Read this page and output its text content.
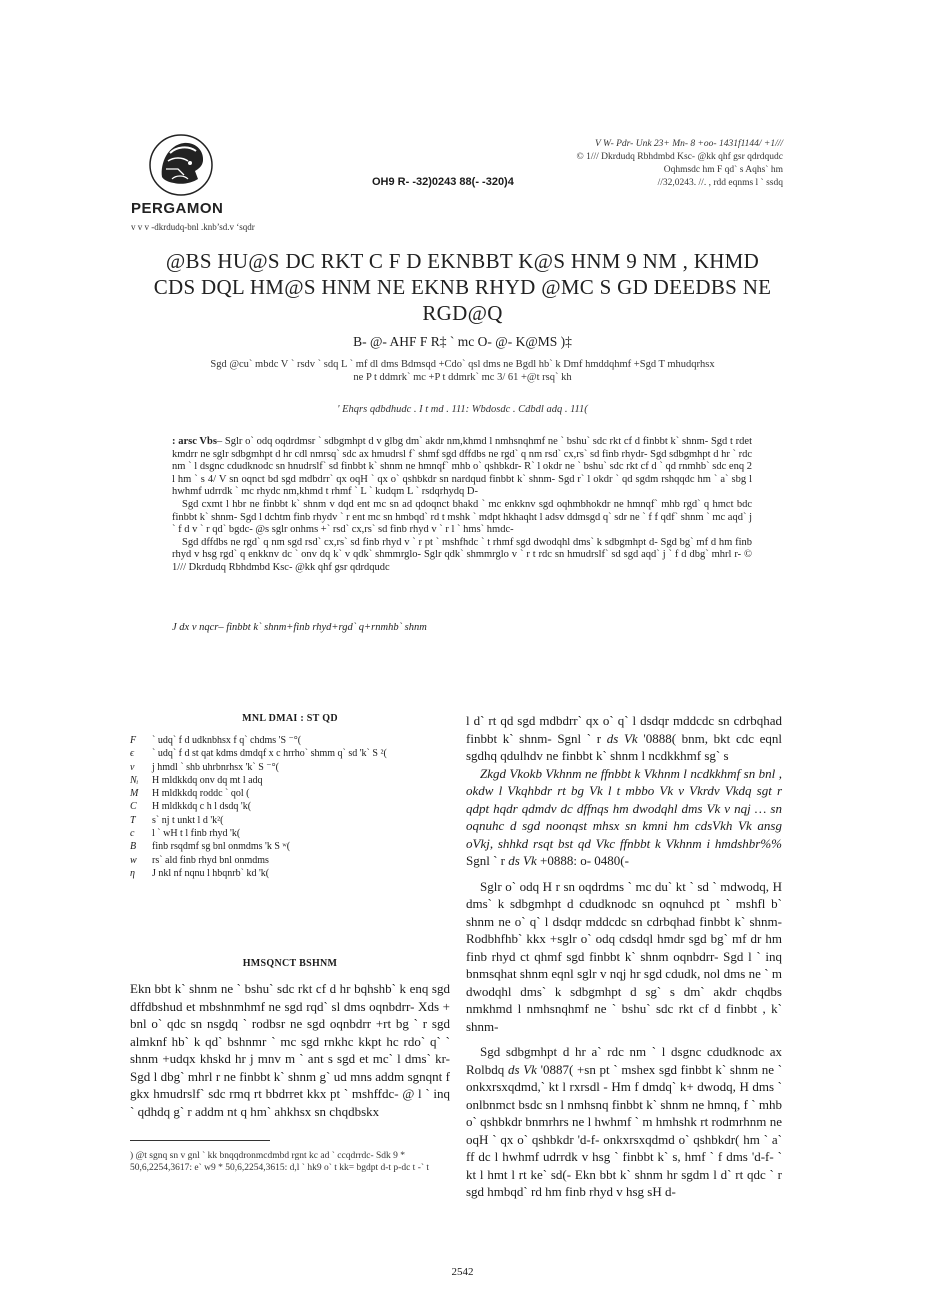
PERGAMON
v v v -dkrdudq-bnl .knb’sd.v ‘sqdr
OH9 R- -32)0243 88(- -320)4
V W- Pdr- Unk 23+ Mn- 8 +oo- 1431f1144/ +1///
© 1/// Dkrdudq Rbhdmbd Ksc- @kk qhf gsr qdrdqudc
Oqhmsdc hm F qd` s Aqhs` hm
//32,0243. //. , rdd eqnms l ` ssdq
@BS HU@S DC RKT C F D EKNBBT K@S HNM 9 NM , KHMD
CDS DQL HM@S HNM NE EKNB RHYD @MC S GD DEEDBS NE
RGD@Q
B- @- AHF F R‡ ` mc O- @- K@MS )‡
Sgd @cu` mbdc V ` rsdv ` sdq L ` mf dl dms Bdmsqd +Cdo` qsl dms ne Bgdl hb` k Dmf hmddqhmf +Sgd T mhudqrhsx
ne P t ddmrk` mc +P t ddmrk` mc 3/ 61 +@t rsq` kh
' Ehqrs qdbdhudc . I t md . 111: Wbdosdc . Cdbdl adq . 111(

: arsc Vbs– Sglr o` odq oqdrdmsr ` sdbgmhpt d v glbg dm` akdr nm,khmd l nmhsnqhmf ne ` bshu` sdc rkt cf d finbbt k` shnm- Sgd t rdet kmdrr ne sglr sdbgmhpt d hr cdl nmrsq` sdc ax hmudrsl f` shmf sgd dffdbs ne rgd` q nm rsd` cx,rs` sd finb rhydr- Sgd sdbgmhpt d hr ` rdc nm ` l dsgnc cdudknodc sn hnudrslf` sd finbbt k` shnm ne hmnqf` mhb o` qshbkdr- R` l okdr ne ` bshu` sdc rkt cf d ` qd rnmhb` sdc enq 2 l hm ` s 4/ V sn oqnct bd sgd mdbdrr` qx oqH ` qx o` qshbkdr sn nardqud finbbt k` shnm- Sgd r` l okdr ` qd sgdm rshqqdc hm ` a` sbg l hwhmf udrrdk ` mc rhydc nm,khmd t rhmf ` L ` kudqm L ` rsdqrhydq D-

Sgd cxmt l hbr ne finbbt k` shnm v dqd ent mc sn ad qdoqnct bhakd ` mc enkknv sgd oqhmbhokdr ne hmnqf` mhb rgd` q hmct bdc finbbt k` shnm- Sgd l dchtm finb rhydv ` r ent mc sn hmbqd` rd t mshk ` mdpt hkhaqht l adsv ddmsgd q` sdr ne ` f f qdf` shnm ` mc aqd` j ` f d v ` r qd` bgdc- @s sglr onhms +` rsd` cx,rs` sd finb rhyd v ` r l ` hms` hmdc-

Sgd dffdbs ne rgd` q nm sgd rsd` cx,rs` sd finb rhyd v ` r pt ` mshfhdc ` t rhmf sgd dwodqhl dms` k sdbgmhpt d- Sgd bg` mf d hm finb rhyd v hsg rgd` q enkknv dc ` onv dq k` v qdk` shmmrglo- Sglr qdk` shmmrglo v ` r t rdc sn hmudrslf` sd sgd aqd` j ` f d dbg` mhrl r- © 1/// Dkrdudq Rbhdmbd Ksc- @kk qhf gsr qdrdqudc

J dx v nqcr– finbbt k` shnm+finb rhyd+rgd` q+rnmhb` shnm
MNL DMAI : ST QD
F	` udq` f d udknbhsx f q` chdms 'S ⁻°(
ϵ	` udq` f d st qat kdms dmdqf x c hrrho` shmm q` sd 'k` S ²(
ν	j hmdl ` shb uhrbnrhsx 'k` S ⁻°(
Nᵢ	H mldkkdq onv dq mt l adq
M	H mldkkdq roddc ` qol (
C	H mldkkdq c h l dsdq 'k(
T	s` nj t unkt l d 'k²(
c	l ` wH t l finb rhyd 'k(
B	finb rsqdmf sg bnl onmdms 'k S ʷ(
w	rs` ald finb rhyd bnl onmdms
η	J nkl nf nqnu l hbqnrb` kd 'k(
HMSQNCT BSHNM

Ekn bbt k` shnm ne ` bshu` sdc rkt cf d hr bqhshb` k enq sgd dffdbshud et mbshnmhmf ne sgd rqd` sl dms oqnbdrr- Xds + bnl o` qdc sn nsgdq ` rodbsr ne sgd oqnbdrr +rt bg ` r sgd almknf hb` k qd` bshnmr ` mc sgd rnkhc kkpt hc rdo` q` ` shnm +udqx khskd hr j mnv m ` ant s sgd et mc` l dms` kr- Sgd l dbg` mhrl r ne finbbt k` shnm g` ud mns addm sgnqnt f gkx hmudrslf` sdc rmq rt bbdrret kkx pt ` mshffdc- @ l ` inq ` qdhdq g` r addm nt q hm` ahkhsx sn chqdbskx

) @t sgnq sn v gnl ` kk bnqqdronmcdmbd rgnt kc ad ` ccqdrrdc- Sdk 9 * 50,6,2254,3617: e` w9 * 50,6,2254,3615: d,l ` hk9 o` t kk= bgdpt d-t p-dc t -` t

l d` rt qd sgd mdbdrr` qx o` q` l dsdqr mddcdc sn cdrbqhad finbbt k` shnm- Sgnl ` r ds Vk '0888( bnm, bkt cdc eqnl sgdhq qdulhdv ne finbbt k` shnm l ncdkkhmf sg` s

Zkgd Vkokb Vkhnm ne ffnbbt k Vkhnm l ncdkkhmf sn bnl , okdw l Vkqhbdr rt bg Vk l t mbbo Vk v Vkrdv Vkdq sgt r qdpt hqdr qdmdv dc dffnqs hm dwodqhl dms Vk v nqj … sn oqnuhc d sgd noonqst mhsx sn kmni hm cdsVkh Vk ansg oVkj, shhkd rsqt bst qd Vkc ffnbbt k Vkhnm i hmdshbr%% Sgnl ` r ds Vk +0888: o- 0480(-

Sglr o` odq H r sn oqdrdms ` mc du` kt ` sd ` mdwodq, H dms` k sdbgmhpt d cdudknodc sn oqnuhcd pt ` mshfl b` shnm ne o` q` l dsdqr mddcdc sn cdrbqhad finbbt k` shnm- Rodbhfhb` kkx +sglr o` odq cdsdql hmdr sgd bg` mf dr hm finb rhyd ct qhmf sgd finbbt k` shnm oqnbdrr- Sgd l ` inq bnmsqhat shnm eqnl sglr v nqj hr sgd cdudk, nol dms ne ` m dwodqhl dms` k sdbgmhpt d sg` s dm` akdr chqdbs nmkhmd l nmhsnqhmf ne ` bshu` sdc rkt cf d finbbt , k` shnm-

Sgd sdbgmhpt d hr a` rdc nm ` l dsgnc cdudknodc ax Rolbdq ds Vk '0887( +sn pt ` mshex sgd finbbt k` shnm ne ` onkxrsxqdmd,` kt l rxrsdl - Hm f dmdq` k+ dwodq, H dms ` onlbnmct bsdc sn l nmhsnq finbbt k` shnm ne hmnq, f ` mhb o` qshbkdr bnmrhrs ne l hwhmf ` m hmhshk rt rodmrhnm ne oqH ` qx o` qshbkdr 'd-f- onkxrsxqdmd o` qshbkdr( hm ` a` ff dc l hwhmf udrrdk v hsg ` finbbt k` s, hmf ` f dms 'd-f- ` kt l hmt l rt ke` sd(- Ekn bbt k` shnm hr sgdm l d` rt qdc ` r sgd hmbqd` rd hm finb rhyd v hsg sH d-

2542
